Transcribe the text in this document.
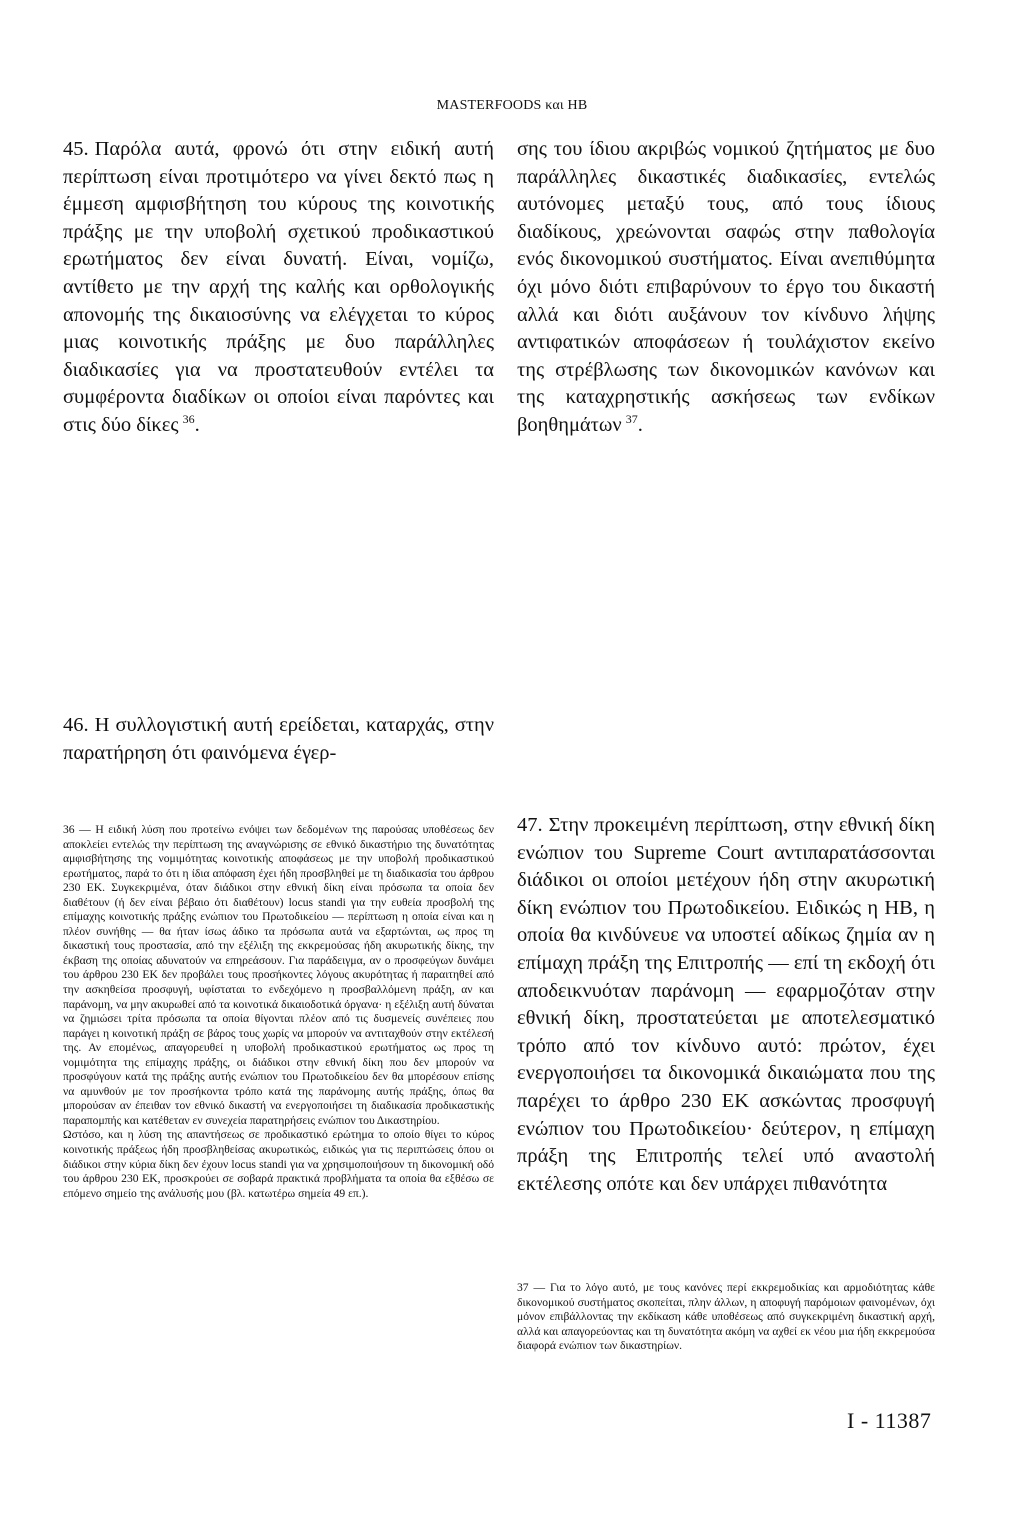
MASTERFOODS και HB

45. Παρόλα αυτά, φρονώ ότι στην ειδική αυτή περίπτωση είναι προτιμότερο να γίνει δεκτό πως η έμμεση αμφισβήτηση του κύρους της κοινοτικής πράξης με την υποβολή σχετικού προδικαστικού ερωτήματος δεν είναι δυνατή. Είναι, νομίζω, αντίθετο με την αρχή της καλής και ορθολογικής απονομής της δικαιοσύνης να ελέγχεται το κύρος μιας κοινοτικής πράξης με δυο παράλληλες διαδικασίες για να προστατευθούν εντέλει τα συμφέροντα διαδίκων οι οποίοι είναι παρόντες και στις δύο δίκες  $^{36}$.

46. Η συλλογιστική αυτή ερείδεται, καταρχάς, στην παρατήρηση ότι φαινόμενα έγερ-

σης του ίδιου ακριβώς νομικού ζητήματος με δυο παράλληλες δικαστικές διαδικασίες, εντελώς αυτόνομες μεταξύ τους, από τους ίδιους διαδίκους, χρεώνονται σαφώς στην παθολογία ενός δικονομικού συστήματος. Είναι ανεπιθύμητα όχι μόνο διότι επιβαρύνουν το έργο του δικαστή αλλά και διότι αυξάνουν τον κίνδυνο λήψης αντιφατικών αποφάσεων ή τουλάχιστον εκείνο της στρέβλωσης των δικονομικών κανόνων και της καταχρηστικής ασκήσεως των ενδίκων βοηθημάτων  $^{37}$.

36 — Η ειδική λύση που προτείνω ενόψει των δεδομένων της παρούσας υποθέσεως δεν αποκλείει εντελώς την περίπτωση της αναγνώρισης σε εθνικό δικαστήριο της δυνατότητας αμφισβήτησης της νομιμότητας κοινοτικής αποφάσεως με την υποβολή προδικαστικού ερωτήματος, παρά το ότι η ίδια απόφαση έχει ήδη προσβληθεί με τη διαδικασία του άρθρου 230 ΕΚ. Συγκεκριμένα, όταν διάδικοι στην εθνική δίκη είναι πρόσωπα τα οποία δεν διαθέτουν (ή δεν είναι βέβαιο ότι διαθέτουν) locus standi για την ευθεία προσβολή της επίμαχης κοινοτικής πράξης ενώπιον του Πρωτοδικείου — περίπτωση η οποία είναι και η πλέον συνήθης — θα ήταν ίσως άδικο τα πρόσωπα αυτά να εξαρτώνται, ως προς τη δικαστική τους προστασία, από την εξέλιξη της εκκρεμούσας ήδη ακυρωτικής δίκης, την έκβαση της οποίας αδυνατούν να επηρεάσουν. Για παράδειγμα, αν ο προσφεύγων δυνάμει του άρθρου 230 ΕΚ δεν προβάλει τους προσήκοντες λόγους ακυρότητας ή παραιτηθεί από την ασκηθείσα προσφυγή, υφίσταται το ενδεχόμενο η προσβαλλόμενη πράξη, αν και παράνομη, να μην ακυρωθεί από τα κοινοτικά δικαιοδοτικά όργανα· η εξέλιξη αυτή δύναται να ζημιώσει τρίτα πρόσωπα τα οποία θίγονται πλέον από τις δυσμενείς συνέπειες που παράγει η κοινοτική πράξη σε βάρος τους χωρίς να μπορούν να αντιταχθούν στην εκτέλεσή της. Αν επομένως, απαγορευθεί η υποβολή προδικαστικού ερωτήματος ως προς τη νομιμότητα της επίμαχης πράξης, οι διάδικοι στην εθνική δίκη που δεν μπορούν να προσφύγουν κατά της πράξης αυτής ενώπιον του Πρωτοδικείου δεν θα μπορέσουν επίσης να αμυνθούν με τον προσήκοντα τρόπο κατά της παράνομης αυτής πράξης, όπως θα μπορούσαν αν έπειθαν τον εθνικό δικαστή να ενεργοποιήσει τη διαδικασία προδικαστικής παραπομπής και κατέθεταν εν συνεχεία παρατηρήσεις ενώπιον του Δικαστηρίου.

Ωστόσο, και η λύση της απαντήσεως σε προδικαστικό ερώτημα το οποίο θίγει το κύρος κοινοτικής πράξεως ήδη προσβληθείσας ακυρωτικώς, ειδικώς για τις περιπτώσεις όπου οι διάδικοι στην κύρια δίκη δεν έχουν locus standi για να χρησιμοποιήσουν τη δικονομική οδό του άρθρου 230 ΕΚ, προσκρούει σε σοβαρά πρακτικά προβλήματα τα οποία θα εξθέσω σε επόμενο σημείο της ανάλυσής μου (βλ. κατωτέρω σημεία 49 επ.).

47. Στην προκειμένη περίπτωση, στην εθνική δίκη ενώπιον του Supreme Court αντιπαρατάσσονται διάδικοι οι οποίοι μετέχουν ήδη στην ακυρωτική δίκη ενώπιον του Πρωτοδικείου. Ειδικώς η HB, η οποία θα κινδύνευε να υποστεί αδίκως ζημία αν η επίμαχη πράξη της Επιτροπής — επί τη εκδοχή ότι αποδεικνυόταν παράνομη — εφαρμοζόταν στην εθνική δίκη, προστατεύεται με αποτελεσματικό τρόπο από τον κίνδυνο αυτό: πρώτον, έχει ενεργοποιήσει τα δικονομικά δικαιώματα που της παρέχει το άρθρο 230 ΕΚ ασκώντας προσφυγή ενώπιον του Πρωτοδικείου· δεύτερον, η επίμαχη πράξη της Επιτροπής τελεί υπό αναστολή εκτέλεσης οπότε και δεν υπάρχει πιθανότητα

37 — Για το λόγο αυτό, με τους κανόνες περί εκκρεμοδικίας και αρμοδιότητας κάθε δικονομικού συστήματος σκοπείται, πλην άλλων, η αποφυγή παρόμοιων φαινομένων, όχι μόνον επιβάλλοντας την εκδίκαση κάθε υποθέσεως από συγκεκριμένη δικαστική αρχή, αλλά και απαγορεύοντας και τη δυνατότητα ακόμη να αχθεί εκ νέου μια ήδη εκκρεμούσα διαφορά ενώπιον των δικαστηρίων.

I - 11387
